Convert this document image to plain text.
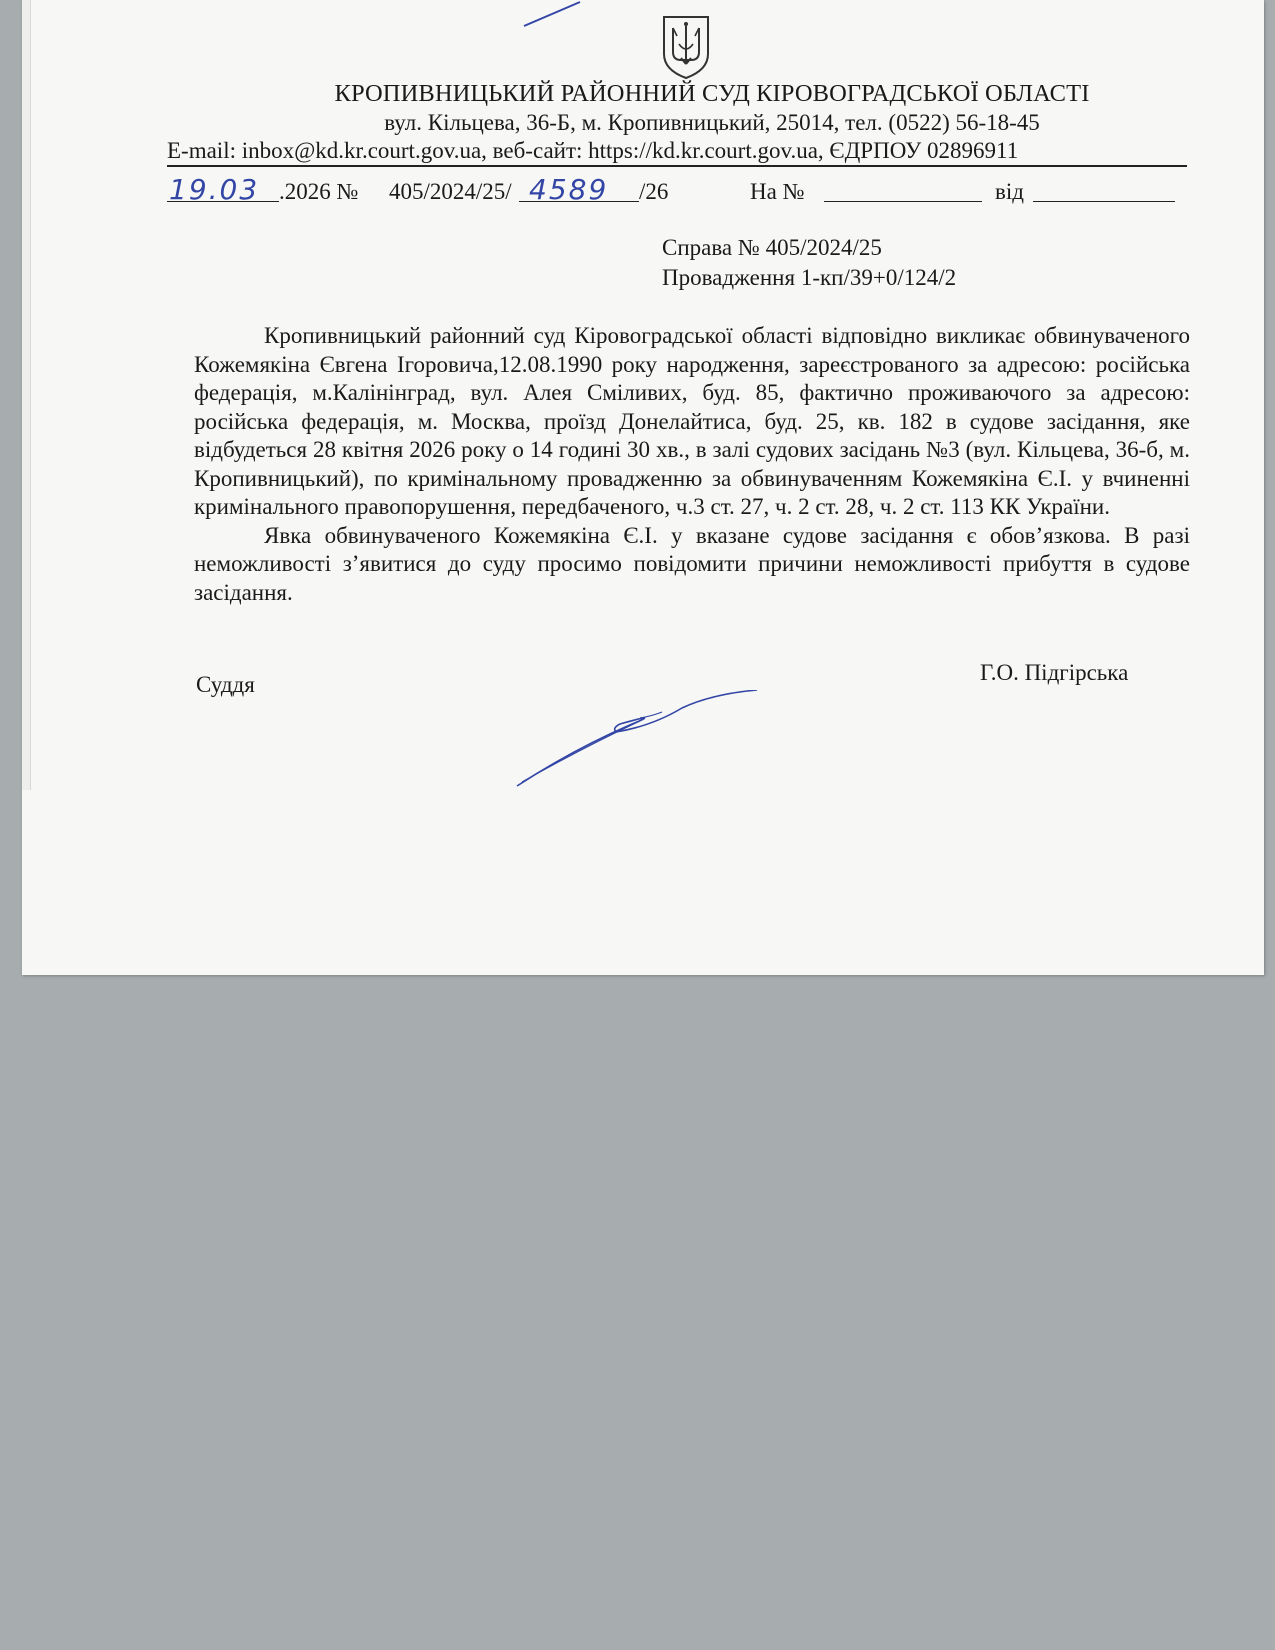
КРОПИВНИЦЬКИЙ РАЙОННИЙ СУД КІРОВОГРАДСЬКОЇ ОБЛАСТІ
вул. Кільцева, 36-Б, м. Кропивницький, 25014, тел. (0522) 56-18-45
E-mail: inbox@kd.kr.court.gov.ua, веб-сайт: https://kd.kr.court.gov.ua, ЄДРПОУ 02896911
19.03 .2026 № 405/2024/25/ 4589 /26	На №	від
Справа № 405/2024/25
Провадження 1-кп/39+0/124/2

Кропивницький районний суд Кіровоградської області відповідно викликає обвинуваченого Кожемякіна Євгена Ігоровича,12.08.1990 року народження, зареєстрованого за адресою: російська федерація, м.Калінінград, вул. Алея Сміливих, буд. 85, фактично проживаючого за адресою: російська федерація, м. Москва, проїзд Донелайтиса, буд. 25, кв. 182 в судове засідання, яке відбудеться 28 квітня 2026 року о 14 годині 30 хв., в залі судових засідань №3 (вул. Кільцева, 36-б, м. Кропивницький), по кримінальному провадженню за обвинуваченням Кожемякіна Є.І. у вчиненні кримінального правопорушення, передбаченого, ч.3 ст. 27, ч. 2 ст. 28, ч. 2 ст. 113 КК України.

Явка обвинуваченого Кожемякіна Є.І. у вказане судове засідання є обов’язкова. В разі неможливості з’явитися до суду просимо повідомити причини неможливості прибуття в судове засідання.

Суддя	Г.О. Підгірська
